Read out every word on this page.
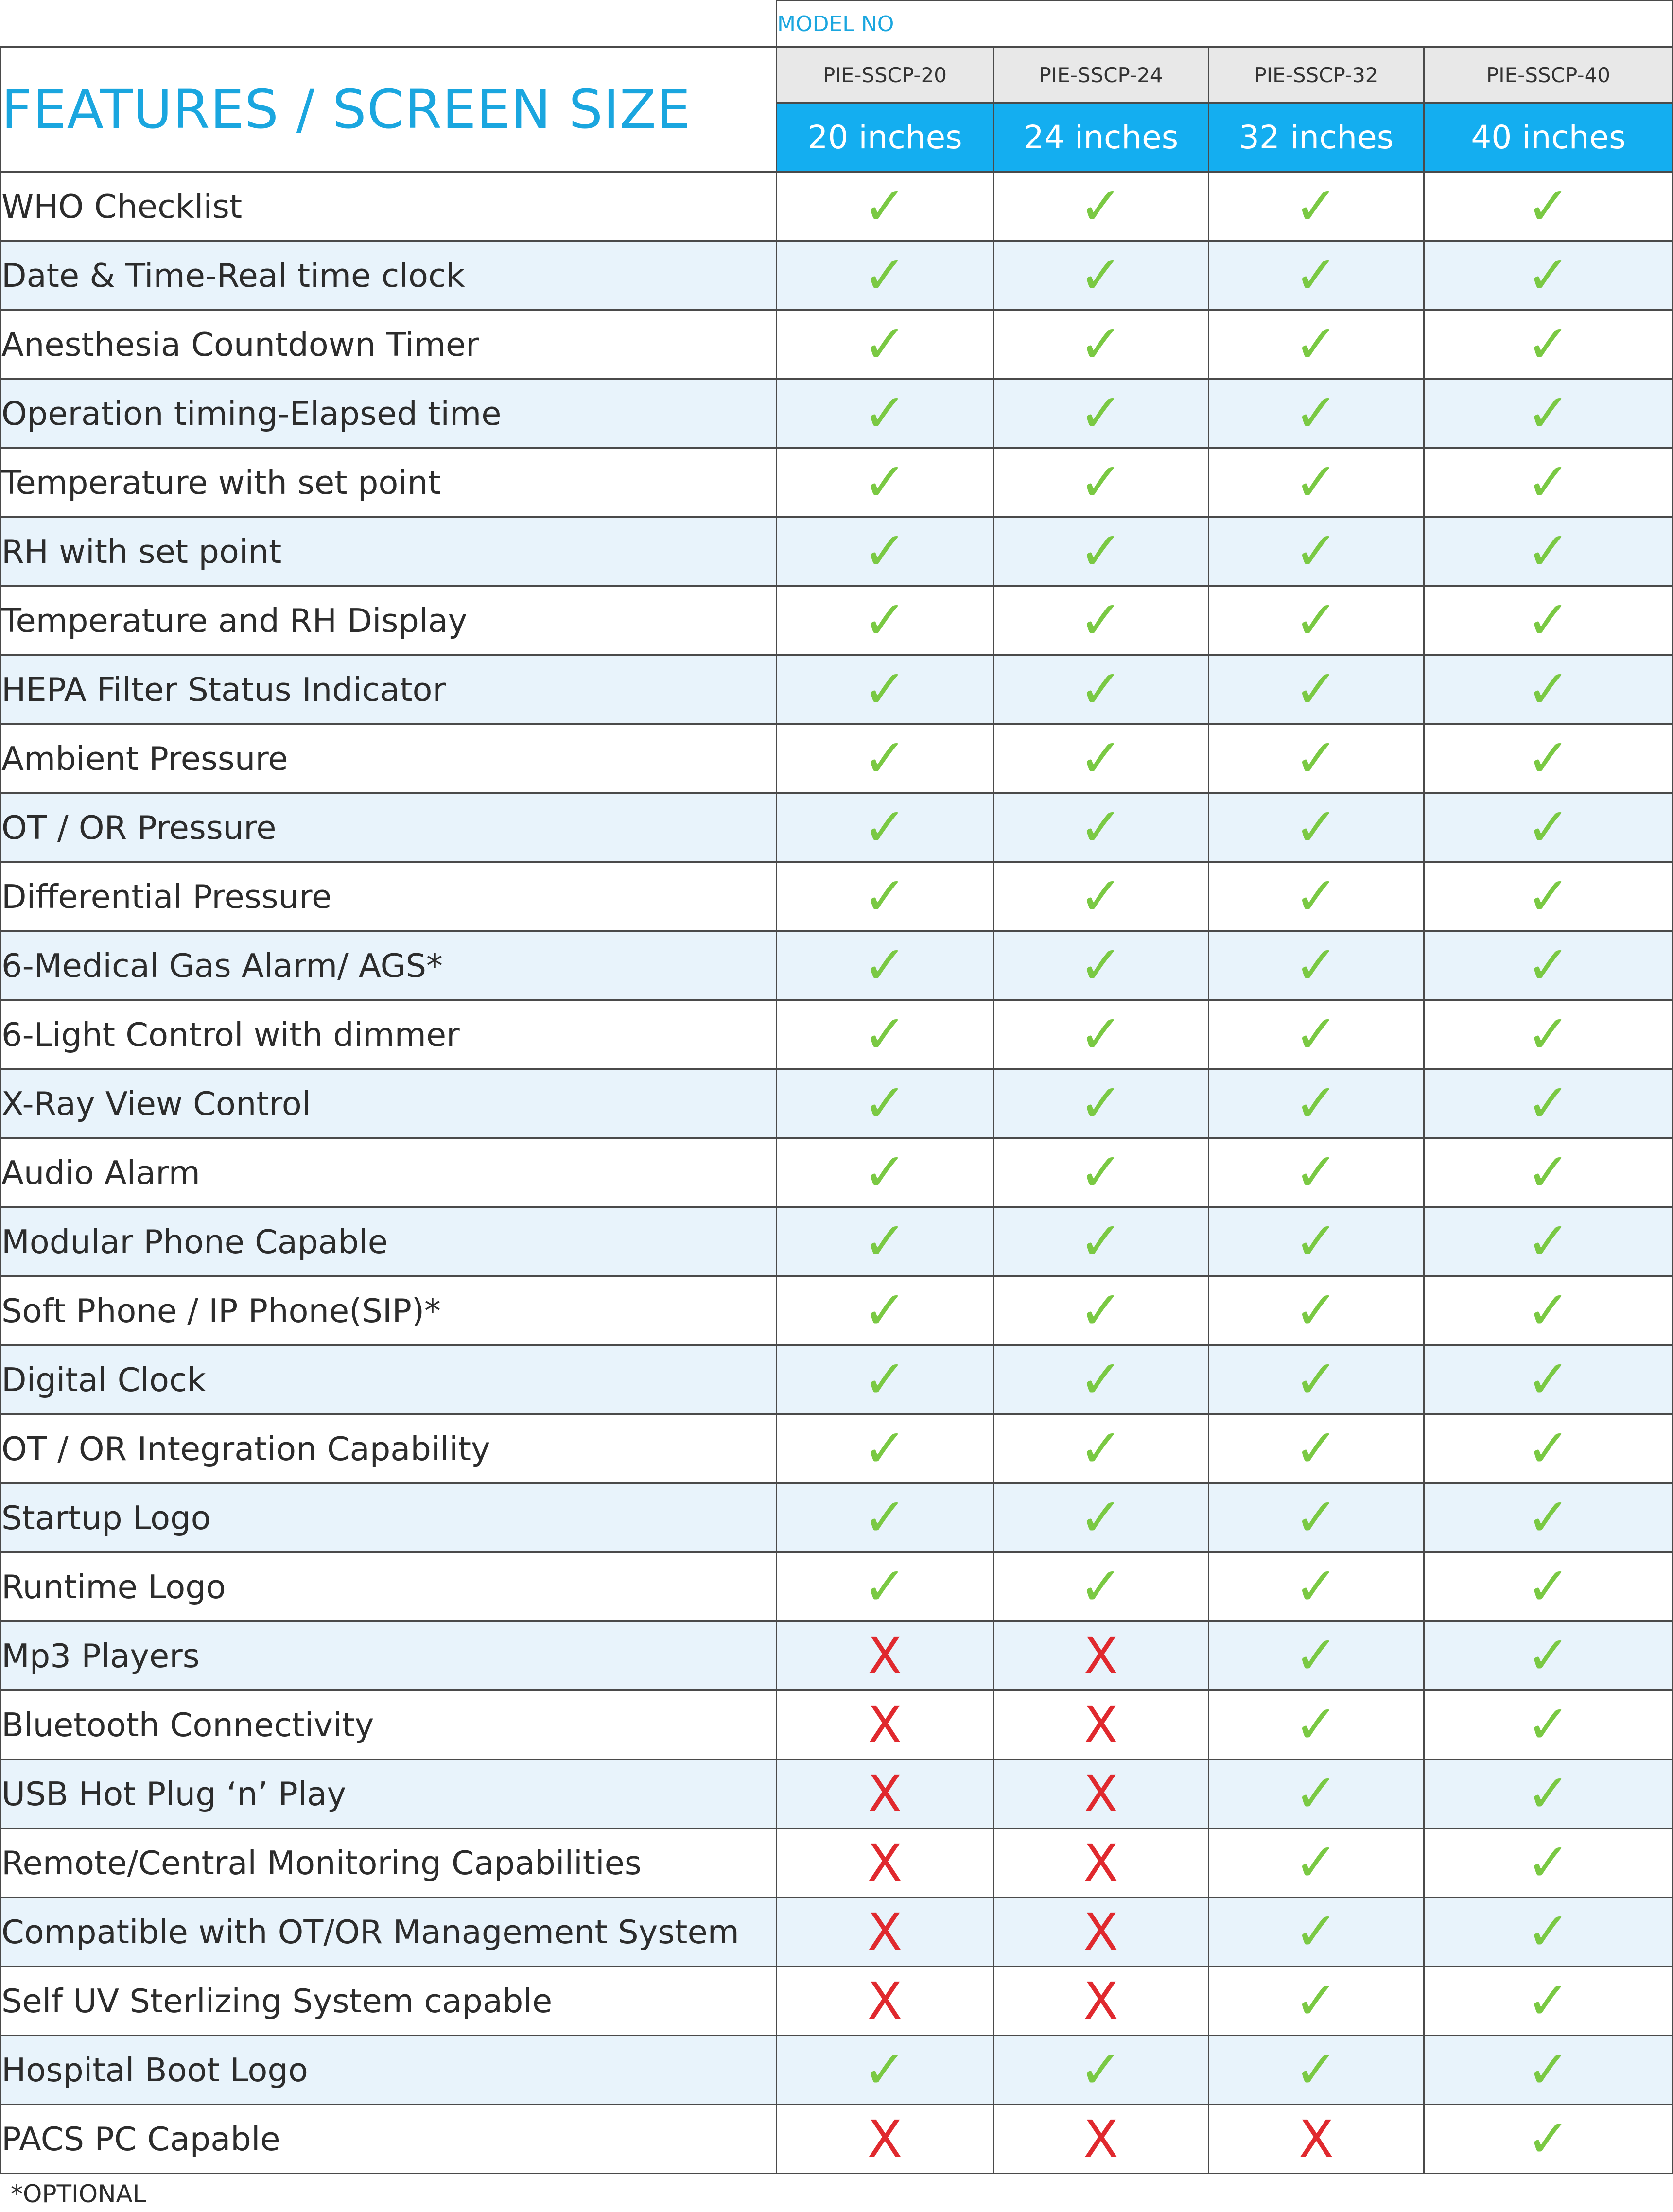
	MODEL NO			
FEATURES / SCREEN SIZE	PIE-SSCP-20	PIE-SSCP-24	PIE-SSCP-32	PIE-SSCP-40
	20 inches	24 inches	32 inches	40 inches
WHO Checklist	✓	✓	✓	✓
Date & Time-Real time clock	✓	✓	✓	✓
Anesthesia Countdown Timer	✓	✓	✓	✓
Operation timing-Elapsed time	✓	✓	✓	✓
Temperature with set point	✓	✓	✓	✓
RH with set point	✓	✓	✓	✓
Temperature and RH Display	✓	✓	✓	✓
HEPA Filter Status Indicator	✓	✓	✓	✓
Ambient Pressure	✓	✓	✓	✓
OT / OR Pressure	✓	✓	✓	✓
Differential Pressure	✓	✓	✓	✓
6-Medical Gas Alarm/ AGS*	✓	✓	✓	✓
6-Light Control with dimmer	✓	✓	✓	✓
X-Ray View Control	✓	✓	✓	✓
Audio Alarm	✓	✓	✓	✓
Modular Phone Capable	✓	✓	✓	✓
Soft Phone / IP Phone(SIP)*	✓	✓	✓	✓
Digital Clock	✓	✓	✓	✓
OT / OR Integration Capability	✓	✓	✓	✓
Startup Logo	✓	✓	✓	✓
Runtime Logo	✓	✓	✓	✓
Mp3 Players	X	X	✓	✓
Bluetooth Connectivity	X	X	✓	✓
USB Hot Plug ‘n’ Play	X	X	✓	✓
Remote/Central Monitoring Capabilities	X	X	✓	✓
Compatible with OT/OR Management System	X	X	✓	✓
Self UV Sterlizing System capable	X	X	✓	✓
Hospital Boot Logo	✓	✓	✓	✓
PACS PC Capable	X	X	X	✓
*OPTIONAL
